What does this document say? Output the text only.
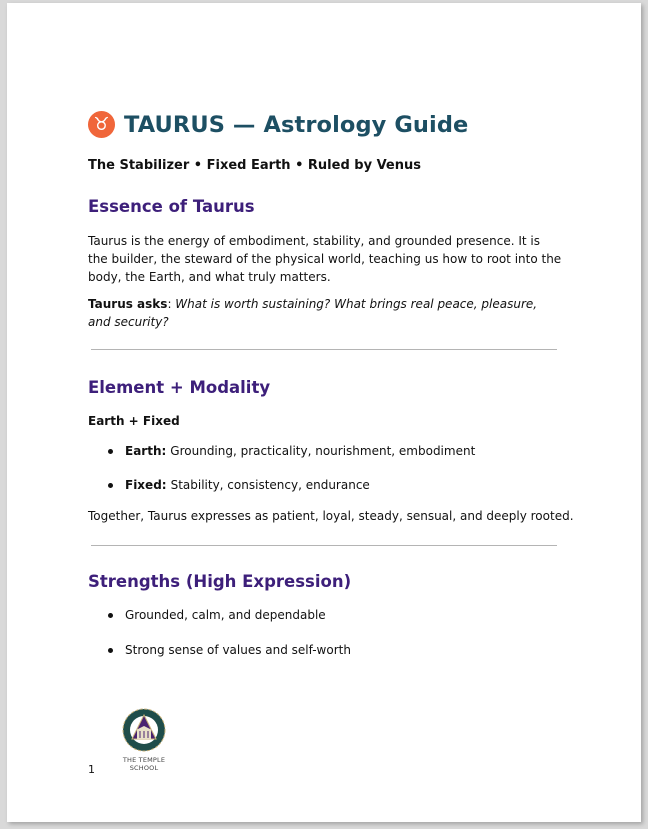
♉ TAURUS — Astrology Guide
The Stabilizer • Fixed Earth • Ruled by Venus
Essence of Taurus

Taurus is the energy of embodiment, stability, and grounded presence. It is the builder, the steward of the physical world, teaching us how to root into the body, the Earth, and what truly matters.

Taurus asks: What is worth sustaining? What brings real peace, pleasure, and security?

Element + Modality
Earth + Fixed
Earth: Grounding, practicality, nourishment, embodiment
Fixed: Stability, consistency, endurance

Together, Taurus expresses as patient, loyal, steady, sensual, and deeply rooted.

Strengths (High Expression)
Grounded, calm, and dependable
Strong sense of values and self-worth
THE TEMPLE
SCHOOL
1
